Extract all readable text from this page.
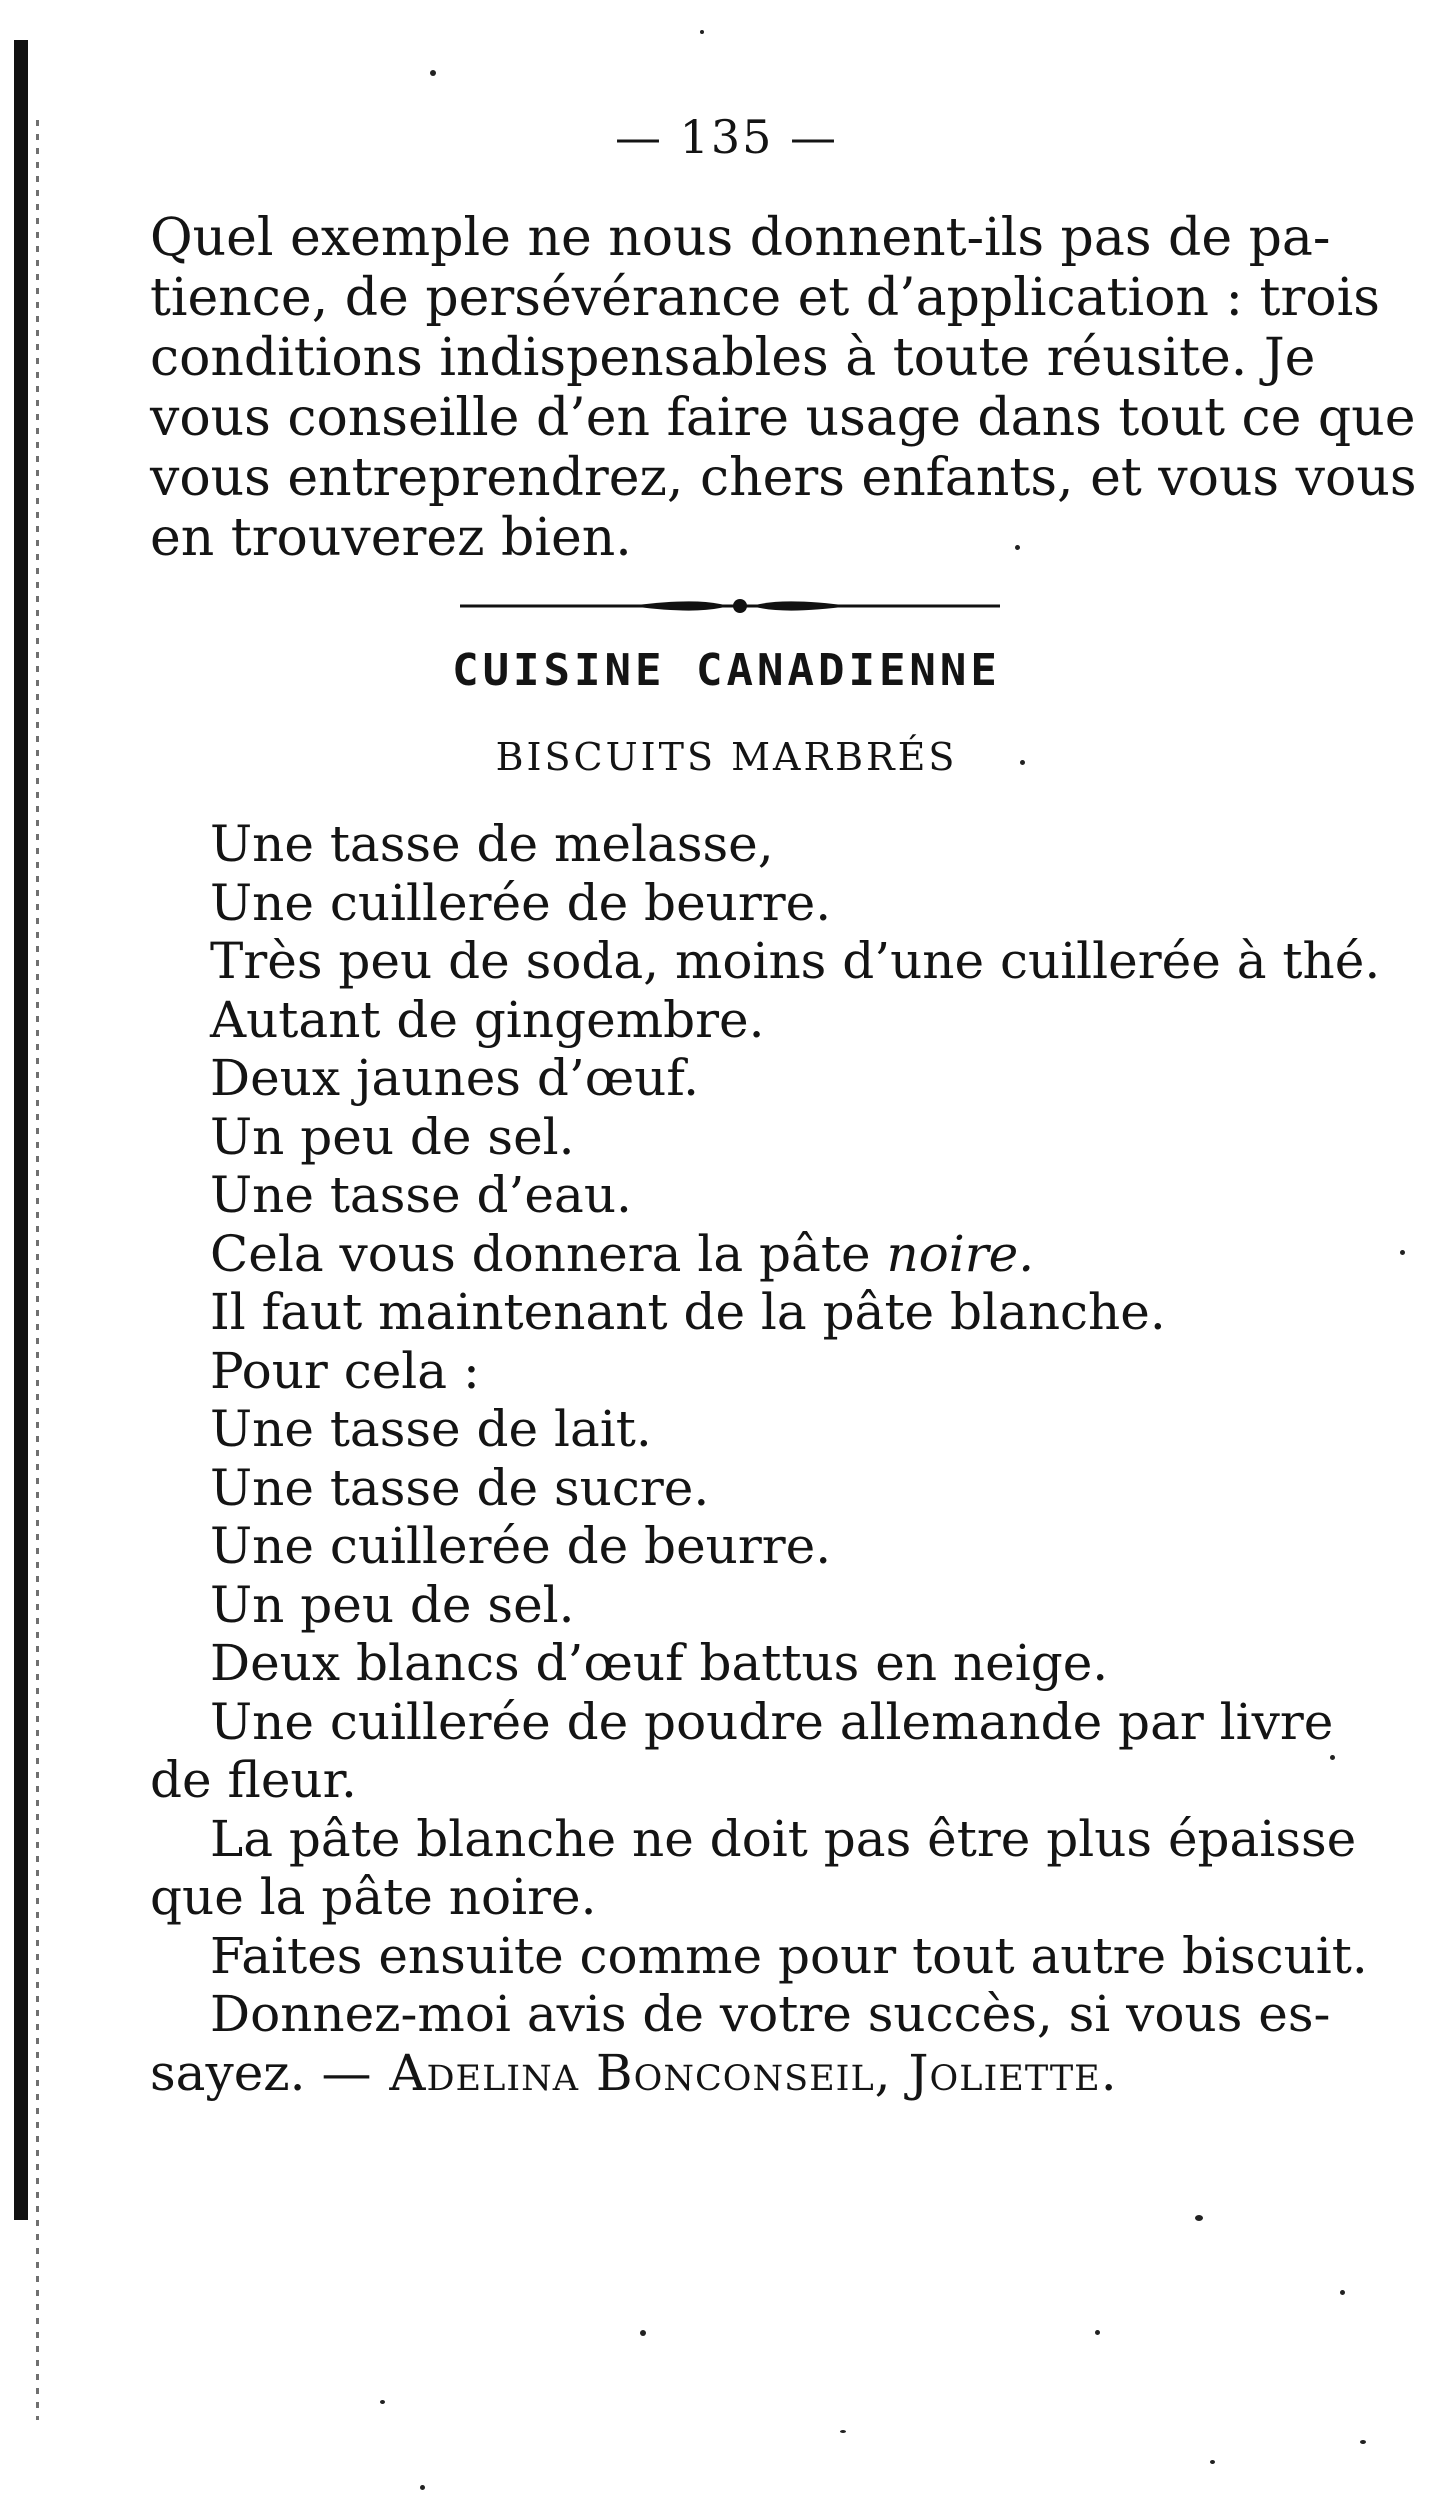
— 135 —
Quel exemple ne nous donnent-ils pas de pa-
tience, de persévérance et d’application : trois
conditions indispensables à toute réusite. Je
vous conseille d’en faire usage dans tout ce que
vous entreprendrez, chers enfants, et vous vous
en trouverez bien.
CUISINE CANADIENNE
BISCUITS MARBRÉS
Une tasse de melasse,
Une cuillerée de beurre.
Très peu de soda, moins d’une cuillerée à thé.
Autant de gingembre.
Deux jaunes d’œuf.
Un peu de sel.
Une tasse d’eau.
Cela vous donnera la pâte noire.
Il faut maintenant de la pâte blanche.
Pour cela :
Une tasse de lait.
Une tasse de sucre.
Une cuillerée de beurre.
Un peu de sel.
Deux blancs d’œuf battus en neige.
Une cuillerée de poudre allemande par livre
de fleur.
La pâte blanche ne doit pas être plus épaisse
que la pâte noire.
Faites ensuite comme pour tout autre biscuit.
Donnez-moi avis de votre succès, si vous es-
sayez. — Adelina Bonconseil, Joliette.
